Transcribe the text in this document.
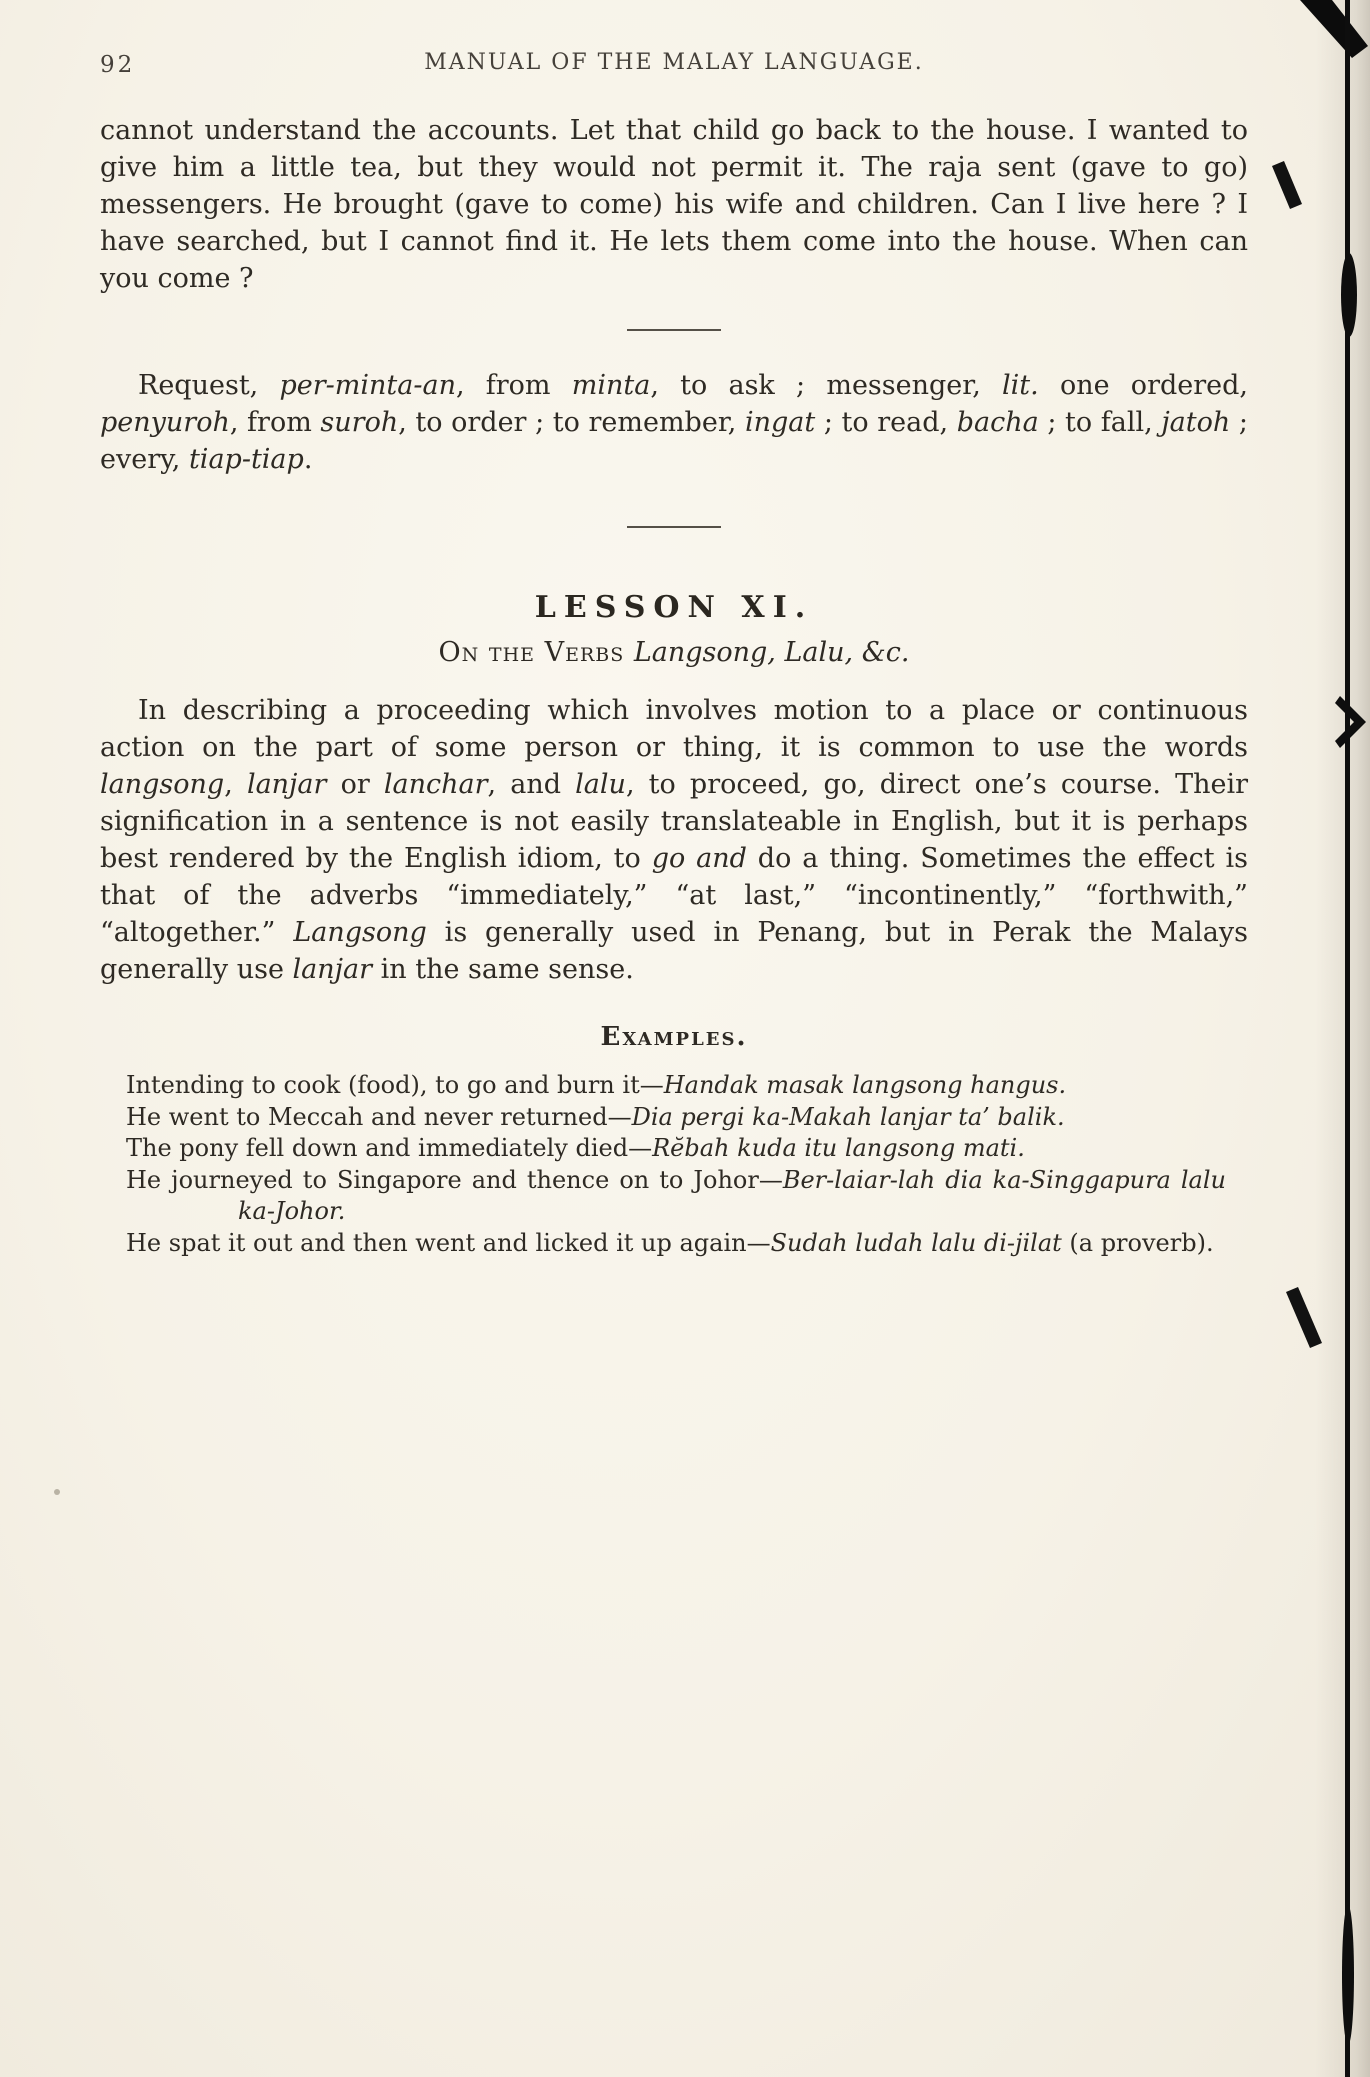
92	MANUAL OF THE MALAY LANGUAGE.

cannot understand the accounts. Let that child go back to the house. I wanted to give him a little tea, but they would not permit it. The raja sent (gave to go) messengers. He brought (gave to come) his wife and children. Can I live here ? I have searched, but I cannot find it. He lets them come into the house. When can you come ?

Request, per-minta-an, from minta, to ask ; messenger, lit. one ordered, penyuroh, from suroh, to order ; to remember, ingat ; to read, bacha ; to fall, jatoh ; every, tiap-tiap.

LESSON XI.
On the Verbs Langsong, Lalu, &c.

In describing a proceeding which involves motion to a place or continuous action on the part of some person or thing, it is common to use the words langsong, lanjar or lanchar, and lalu, to proceed, go, direct one’s course. Their signification in a sentence is not easily translateable in English, but it is perhaps best rendered by the English idiom, to go and do a thing. Sometimes the effect is that of the adverbs “immediately,” “at last,” “incontinently,” “forthwith,” “altogether.” Langsong is generally used in Penang, but in Perak the Malays generally use lanjar in the same sense.

Examples.
Intending to cook (food), to go and burn it—Handak masak langsong hangus.
He went to Meccah and never returned—Dia pergi ka-Makah lanjar ta’ balik.
The pony fell down and immediately died—Rĕbah kuda itu langsong mati.
He journeyed to Singapore and thence on to Johor—Ber-laiar-lah dia ka-Singgapura lalu ka-Johor.
He spat it out and then went and licked it up again—Sudah ludah lalu di-jilat (a proverb).
